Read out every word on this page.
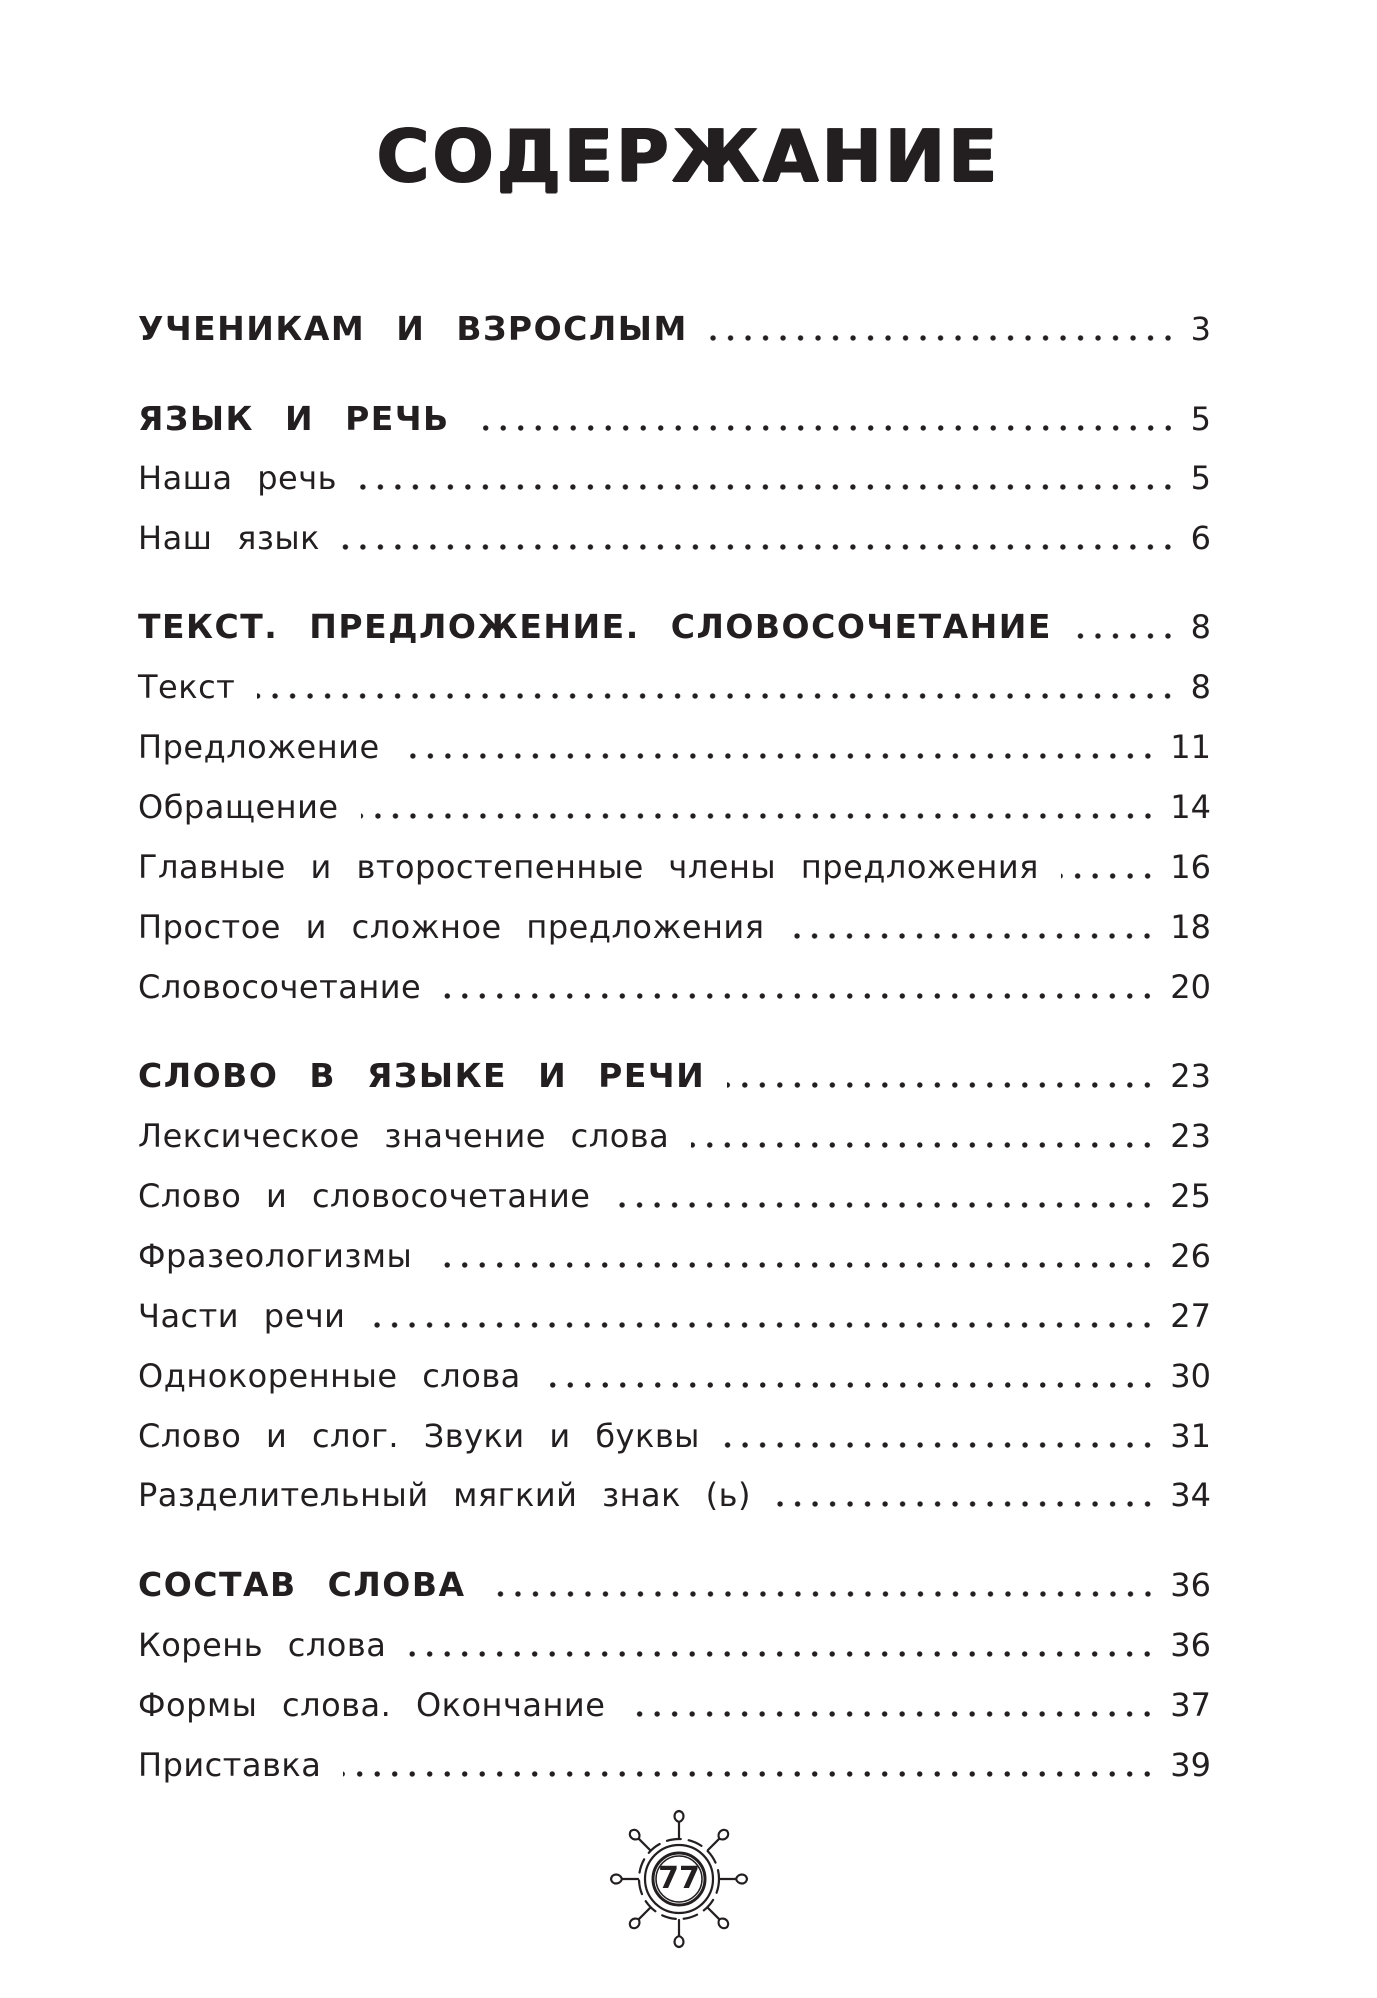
СОДЕРЖАНИЕ
УЧЕНИКАМ И ВЗРОСЛЫМ	3
ЯЗЫК И РЕЧЬ	5
Наша речь	5
Наш язык	6
ТЕКСТ. ПРЕДЛОЖЕНИЕ. СЛОВОСОЧЕТАНИЕ	8
Текст	8
Предложение	11
Обращение	14
Главные и второстепенные члены предложения	16
Простое и сложное предложения	18
Словосочетание	20
СЛОВО В ЯЗЫКЕ И РЕЧИ	23
Лексическое значение слова	23
Слово и словосочетание	25
Фразеологизмы	26
Части речи	27
Однокоренные слова	30
Слово и слог. Звуки и буквы	31
Разделительный мягкий знак (ь)	34
СОСТАВ СЛОВА	36
Корень слова	36
Формы слова. Окончание	37
Приставка	39
77
